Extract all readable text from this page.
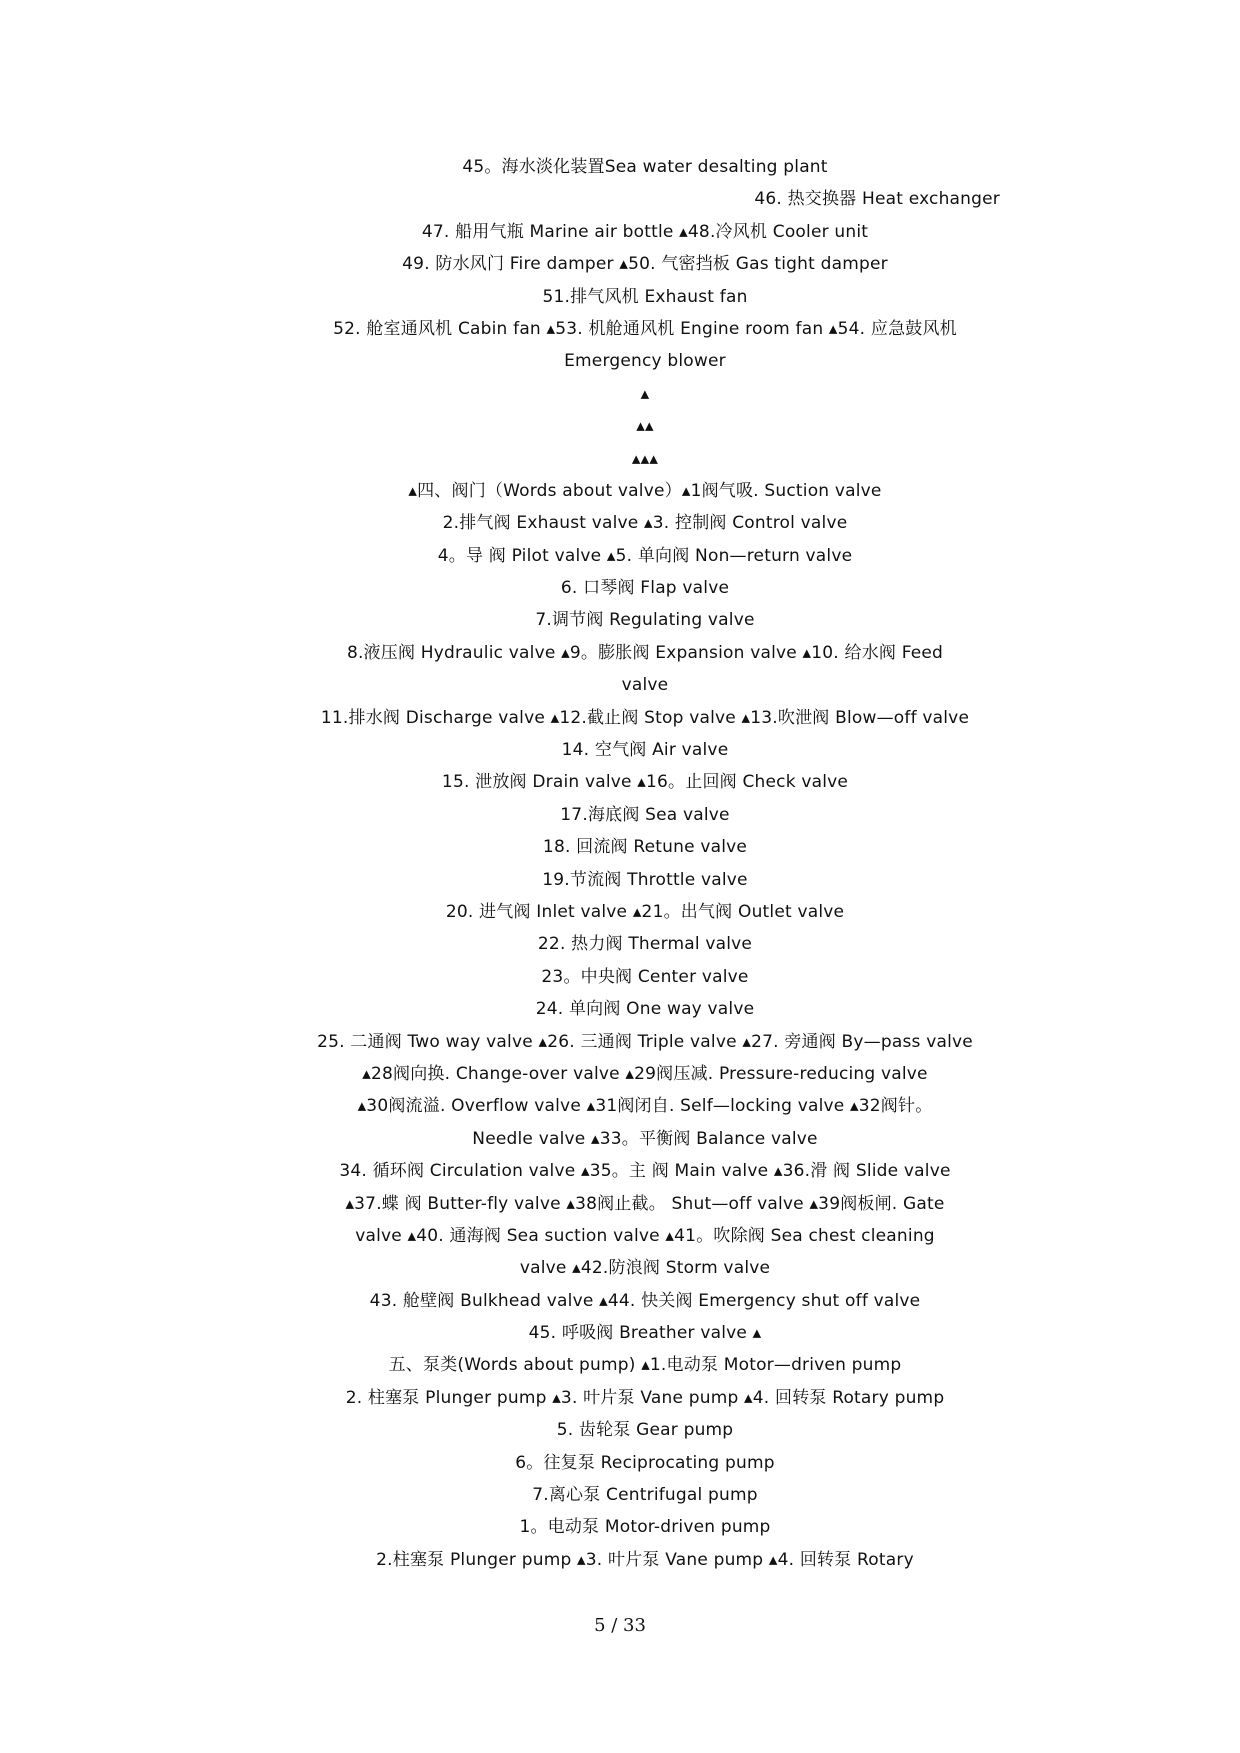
45。海水淡化装置Sea water desalting plant
46. 热交换器 Heat exchanger
47. 船用气瓶 Marine air bottle ▴48.冷风机 Cooler unit
49. 防水风门 Fire damper ▴50. 气密挡板 Gas tight damper
51.排气风机 Exhaust fan
52. 舱室通风机 Cabin fan ▴53. 机舱通风机 Engine room fan ▴54. 应急鼓风机
Emergency blower
▴
▴▴
▴▴▴
▴四、阀门（Words about valve）▴1阀气吸. Suction valve
2.排气阀 Exhaust valve ▴3. 控制阀 Control valve
4。导 阀 Pilot valve ▴5. 单向阀 Non—return valve
6. 口琴阀 Flap valve
7.调节阀 Regulating valve
8.液压阀 Hydraulic valve ▴9。膨胀阀 Expansion valve ▴10. 给水阀 Feed
valve
11.排水阀 Discharge valve ▴12.截止阀 Stop valve ▴13.吹泄阀 Blow—off valve
14. 空气阀 Air valve
15. 泄放阀 Drain valve ▴16。止回阀 Check valve
17.海底阀 Sea valve
18. 回流阀 Retune valve
19.节流阀 Throttle valve
20. 进气阀 Inlet valve ▴21。出气阀 Outlet valve
22. 热力阀 Thermal valve
23。中央阀 Center valve
24. 单向阀 One way valve
25. 二通阀 Two way valve ▴26. 三通阀 Triple valve ▴27. 旁通阀 By—pass valve
▴28阀向换. Change-over valve ▴29阀压减. Pressure-reducing valve
▴30阀流溢. Overflow valve ▴31阀闭自. Self—locking valve ▴32阀针。
Needle valve ▴33。平衡阀 Balance valve
34. 循环阀 Circulation valve ▴35。主 阀 Main valve ▴36.滑 阀 Slide valve
▴37.蝶 阀 Butter-fly valve ▴38阀止截。 Shut—off valve ▴39阀板闸. Gate
valve ▴40. 通海阀 Sea suction valve ▴41。吹除阀 Sea chest cleaning
valve ▴42.防浪阀 Storm valve
43. 舱壁阀 Bulkhead valve ▴44. 快关阀 Emergency shut off valve
45. 呼吸阀 Breather valve ▴
五、泵类(Words about pump) ▴1.电动泵 Motor—driven pump
2. 柱塞泵 Plunger pump ▴3. 叶片泵 Vane pump ▴4. 回转泵 Rotary pump
5. 齿轮泵 Gear pump
6。往复泵 Reciprocating pump
7.离心泵 Centrifugal pump
1。电动泵 Motor-driven pump
2.柱塞泵 Plunger pump ▴3. 叶片泵 Vane pump ▴4. 回转泵 Rotary
5 / 33
